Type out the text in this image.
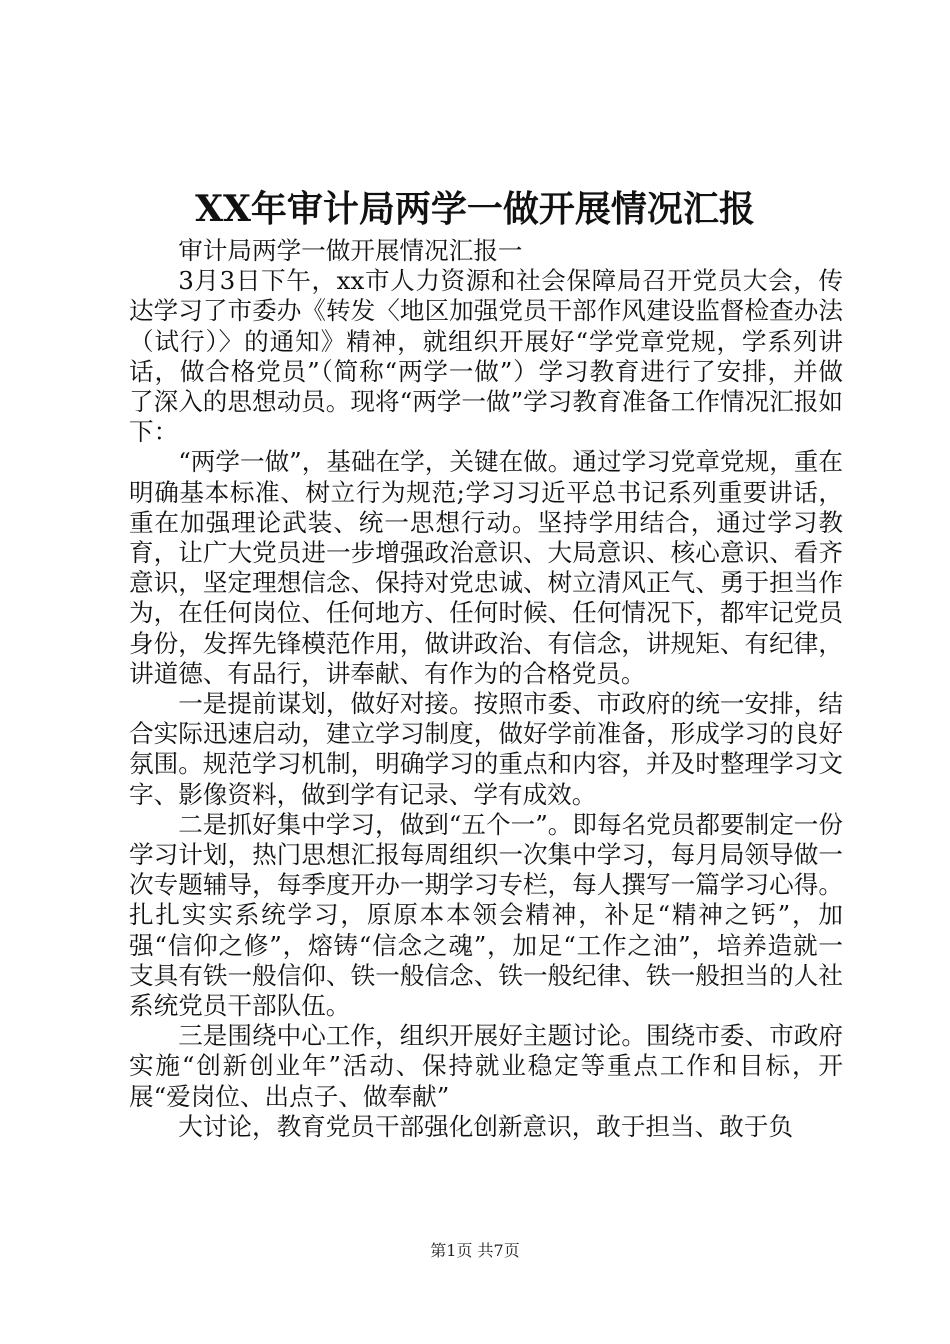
XX年审计局两学一做开展情况汇报

审计局两学一做开展情况汇报一

3月3日下午，xx市人力资源和社会保障局召开党员大会，传达学习了市委办《转发〈地区加强党员干部作风建设监督检查办法（试行）〉的通知》精神，就组织开展好“学党章党规，学系列讲话，做合格党员”（简称“两学一做”）学习教育进行了安排，并做了深入的思想动员。现将“两学一做”学习教育准备工作情况汇报如下：

“两学一做”，基础在学，关键在做。通过学习党章党规，重在明确基本标准、树立行为规范;学习习近平总书记系列重要讲话，重在加强理论武装、统一思想行动。坚持学用结合，通过学习教育，让广大党员进一步增强政治意识、大局意识、核心意识、看齐意识，坚定理想信念、保持对党忠诚、树立清风正气、勇于担当作为，在任何岗位、任何地方、任何时候、任何情况下，都牢记党员身份，发挥先锋模范作用，做讲政治、有信念，讲规矩、有纪律，讲道德、有品行，讲奉献、有作为的合格党员。

一是提前谋划，做好对接。按照市委、市政府的统一安排，结合实际迅速启动，建立学习制度，做好学前准备，形成学习的良好氛围。规范学习机制，明确学习的重点和内容，并及时整理学习文字、影像资料，做到学有记录、学有成效。

二是抓好集中学习，做到“五个一”。即每名党员都要制定一份学习计划，热门思想汇报每周组织一次集中学习，每月局领导做一次专题辅导，每季度开办一期学习专栏，每人撰写一篇学习心得。扎扎实实系统学习，原原本本领会精神，补足“精神之钙”，加强“信仰之修”，熔铸“信念之魂”，加足“工作之油”，培养造就一支具有铁一般信仰、铁一般信念、铁一般纪律、铁一般担当的人社系统党员干部队伍。

三是围绕中心工作，组织开展好主题讨论。围绕市委、市政府实施“创新创业年”活动、保持就业稳定等重点工作和目标，开展“爱岗位、出点子、做奉献”

大讨论，教育党员干部强化创新意识，敢于担当、敢于负

第1页 共7页
